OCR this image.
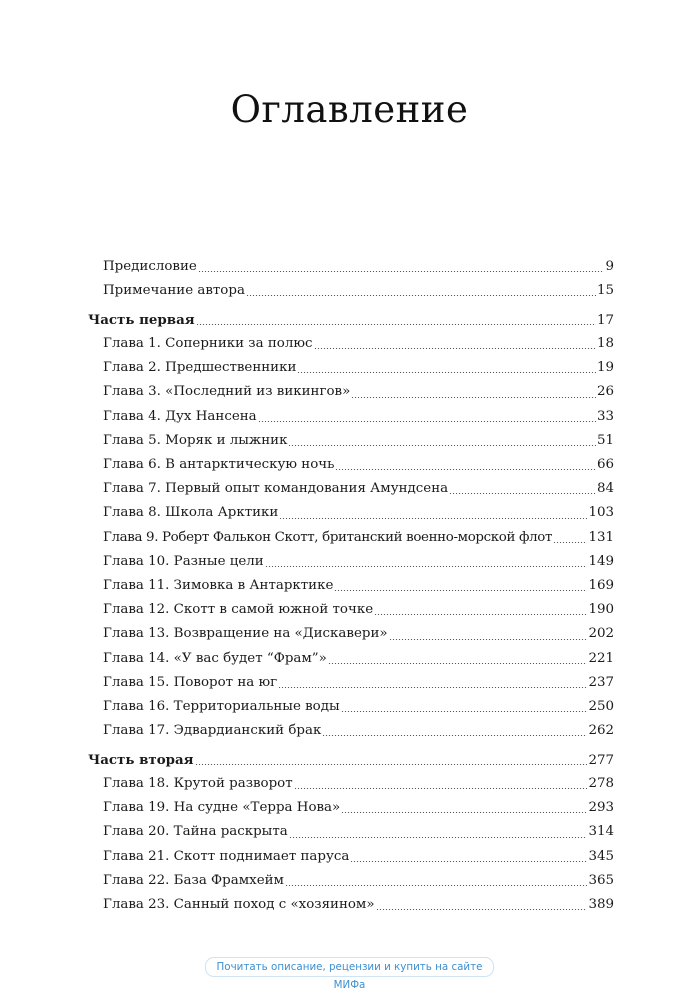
Оглавление
Предисловие	9
Примечание автора	15
Часть первая	17
Глава 1. Соперники за полюс	18
Глава 2. Предшественники	19
Глава 3. «Последний из викингов»	26
Глава 4. Дух Нансена	33
Глава 5. Моряк и лыжник	51
Глава 6. В антарктическую ночь	66
Глава 7. Первый опыт командования Амундсена	84
Глава 8. Школа Арктики	103
Глава 9. Роберт Фалькон Скотт, британский военно-морской флот	131
Глава 10. Разные цели	149
Глава 11. Зимовка в Антарктике	169
Глава 12. Скотт в самой южной точке	190
Глава 13. Возвращение на «Дискавери»	202
Глава 14. «У вас будет “Фрам”»	221
Глава 15. Поворот на юг	237
Глава 16. Территориальные воды	250
Глава 17. Эдвардианский брак	262
Часть вторая	277
Глава 18. Крутой разворот	278
Глава 19. На судне «Терра Нова»	293
Глава 20. Тайна раскрыта	314
Глава 21. Скотт поднимает паруса	345
Глава 22. База Фрамхейм	365
Глава 23. Санный поход с «хозяином»	389
Почитать описание, рецензии и купить на сайте МИФа
